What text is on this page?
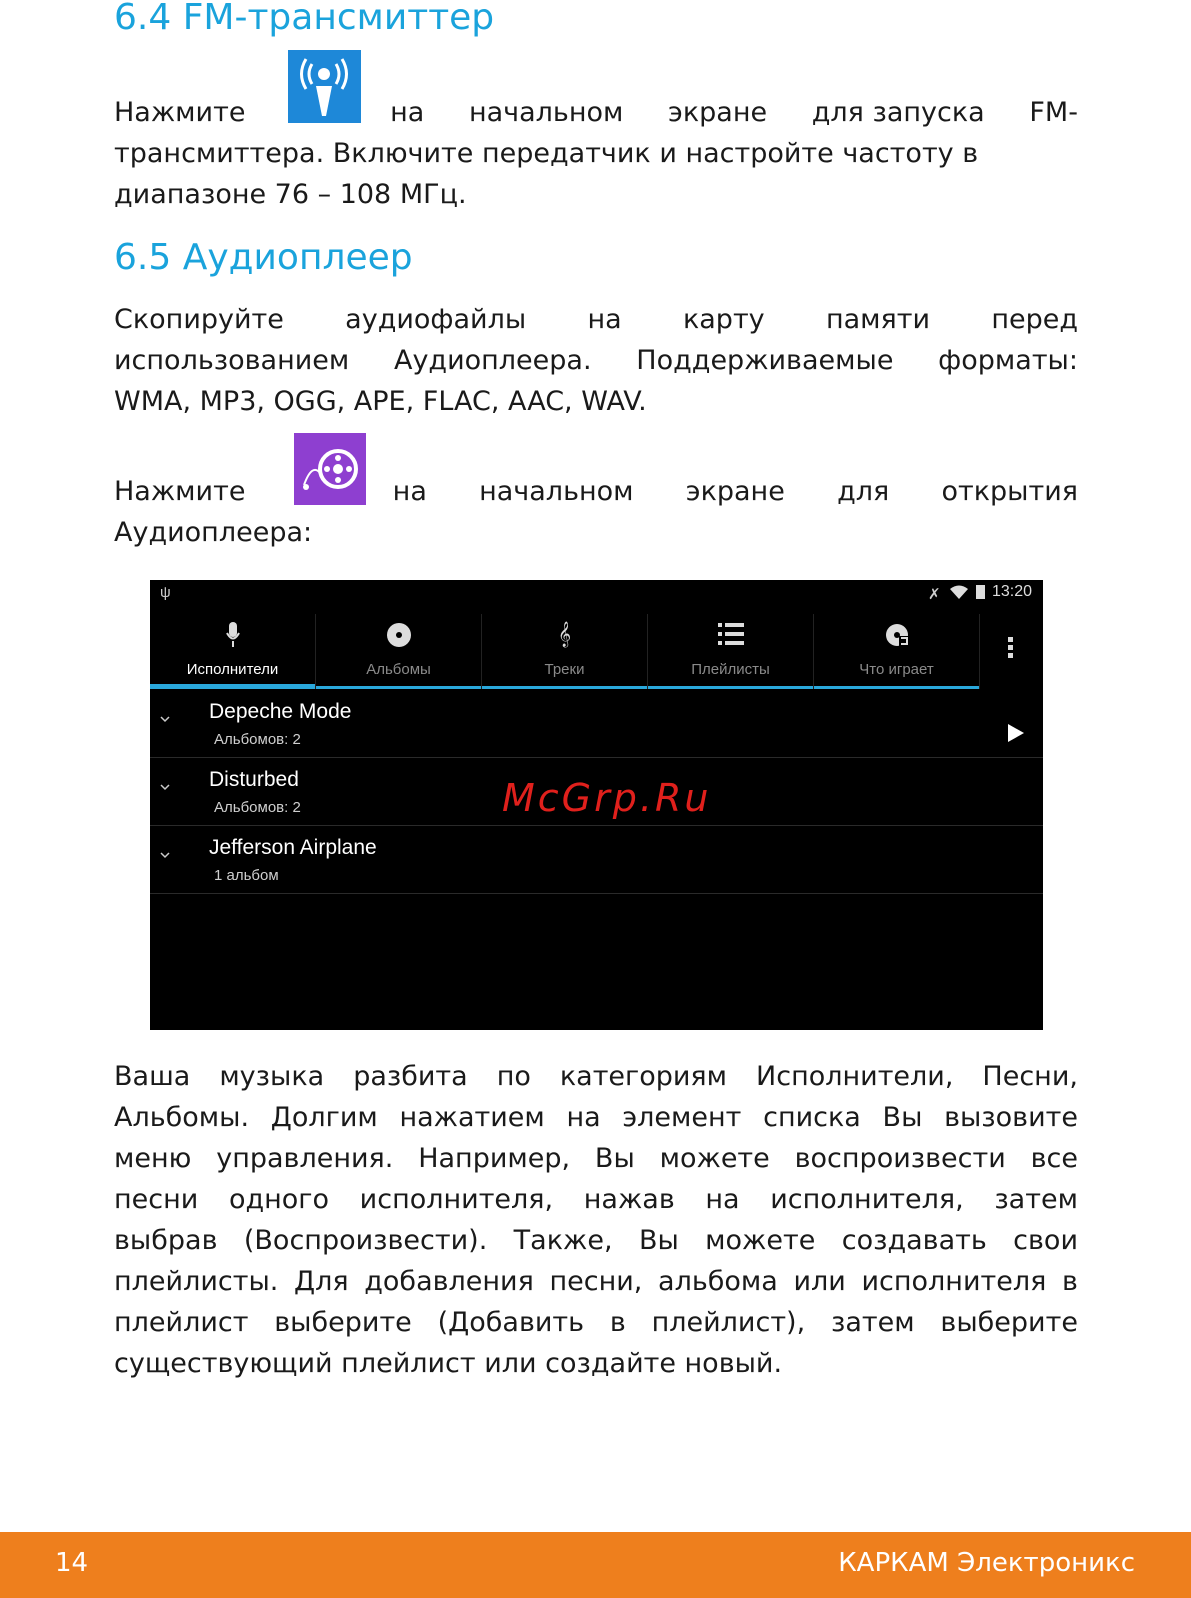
6.4 FM-трансмиттер
Нажмите	на начальном экране для запуска FM-
трансмиттера. Включите передатчик и настройте частоту в
диапазоне 76 – 108 МГц.
6.5 Аудиоплеер
Скопируйте аудиофайлы на карту памяти перед
использованием Аудиоплеера. Поддерживаемые форматы:
WMA, MP3, OGG, APE, FLAC, AAC, WAV.
Нажмите	на начальном экране для открытия
Аудиоплеера:
ψ	✗	13:20
Исполнители	Альбомы
𝄞
Треки	Плейлисты	Что играет
Depeche Mode
Альбомов: 2
Disturbed
Альбомов: 2
Jefferson Airplane
1 альбом
McGrp.Ru
Ваша музыка разбита по категориям Исполнители, Песни,
Альбомы. Долгим нажатием на элемент списка Вы вызовите
меню управления. Например, Вы можете воспроизвести все
песни одного исполнителя, нажав на исполнителя, затем
выбрав (Воспроизвести). Также, Вы можете создавать свои
плейлисты. Для добавления песни, альбома или исполнителя в
плейлист выберите (Добавить в плейлист), затем выберите
существующий плейлист или создайте новый.
14	КАРКАМ Электроникс
